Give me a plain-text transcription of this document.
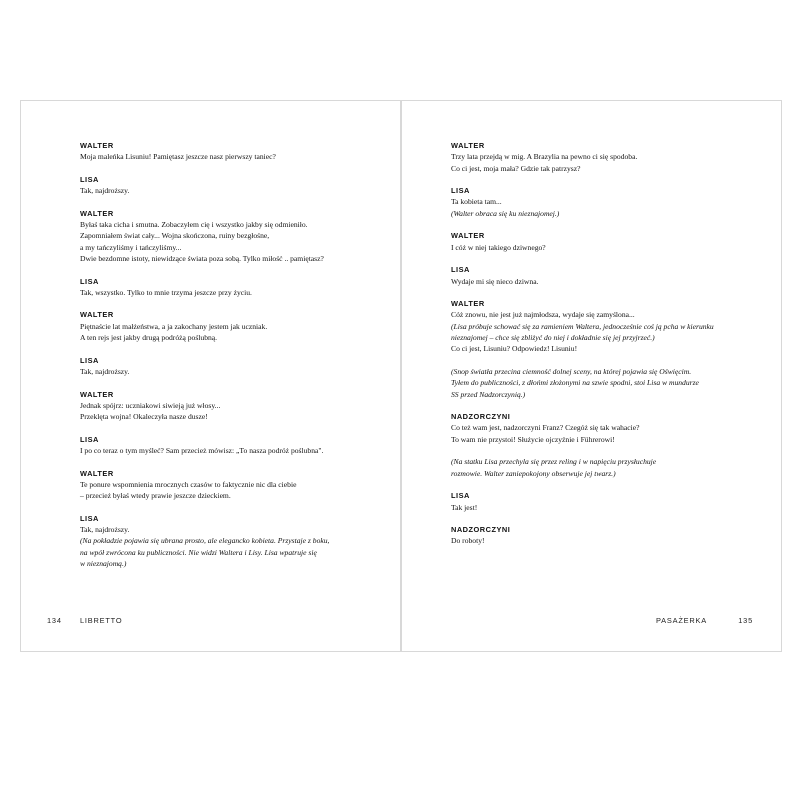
WALTER
Moja maleńka Lisuniu! Pamiętasz jeszcze nasz pierwszy taniec?
LISA
Tak, najdroższy.
WALTER
Byłaś taka cicha i smutna. Zobaczyłem cię i wszystko jakby się odmieniło.
Zapomniałem świat cały... Wojna skończona, ruiny bezgłośne,
a my tańczyliśmy i tańczyliśmy...
Dwie bezdomne istoty, niewidzące świata poza sobą. Tylko miłość .. pamiętasz?
LISA
Tak, wszystko. Tylko to mnie trzyma jeszcze przy życiu.
WALTER
Piętnaście lat małżeństwa, a ja zakochany jestem jak uczniak.
A ten rejs jest jakby drugą podróżą poślubną.
LISA
Tak, najdroższy.
WALTER
Jednak spójrz: uczniakowi siwieją już włosy...
Przeklęta wojna! Okaleczyła nasze dusze!
LISA
I po co teraz o tym myśleć? Sam przecież mówisz: „To nasza podróż poślubna".
WALTER
Te ponure wspomnienia mrocznych czasów to faktycznie nic dla ciebie
– przecież byłaś wtedy prawie jeszcze dzieckiem.
LISA
Tak, najdroższy.
(Na pokładzie pojawia się ubrana prosto, ale elegancko kobieta. Przystaje z boku,
na wpół zwrócona ku publiczności. Nie widzi Waltera i Lisy. Lisa wpatruje się
w nieznajomą.)
134 LIBRETTO
WALTER
Trzy lata przejdą w mig. A Brazylia na pewno ci się spodoba.
Co ci jest, moja mała? Gdzie tak patrzysz?
LISA
Ta kobieta tam...
(Walter obraca się ku nieznajomej.)
WALTER
I cóż w niej takiego dziwnego?
LISA
Wydaje mi się nieco dziwna.
WALTER
Cóż znowu, nie jest już najmłodsza, wydaje się zamyślona...
(Lisa próbuje schować się za ramieniem Waltera, jednocześnie coś ją pcha w kierunku
nieznajomej – chce się zbliżyć do niej i dokładnie się jej przyjrzeć.)
Co ci jest, Lisuniu? Odpowiedz! Lisuniu!
(Snop światła przecina ciemność dolnej sceny, na której pojawia się Oświęcim.
Tyłem do publiczności, z dłońmi złożonymi na szwie spodni, stoi Lisa w mundurze
SS przed Nadzorczynią.)
NADZORCZYNI
Co też wam jest, nadzorczyni Franz? Czegóż się tak wahacie?
To wam nie przystoi! Służycie ojczyźnie i Führerowi!
(Na statku Lisa przechyla się przez reling i w napięciu przysłuchuje
rozmowie. Walter zaniepokojony obserwuje jej twarz.)
LISA
Tak jest!
NADZORCZYNI
Do roboty!
PASAŻERKA	135
